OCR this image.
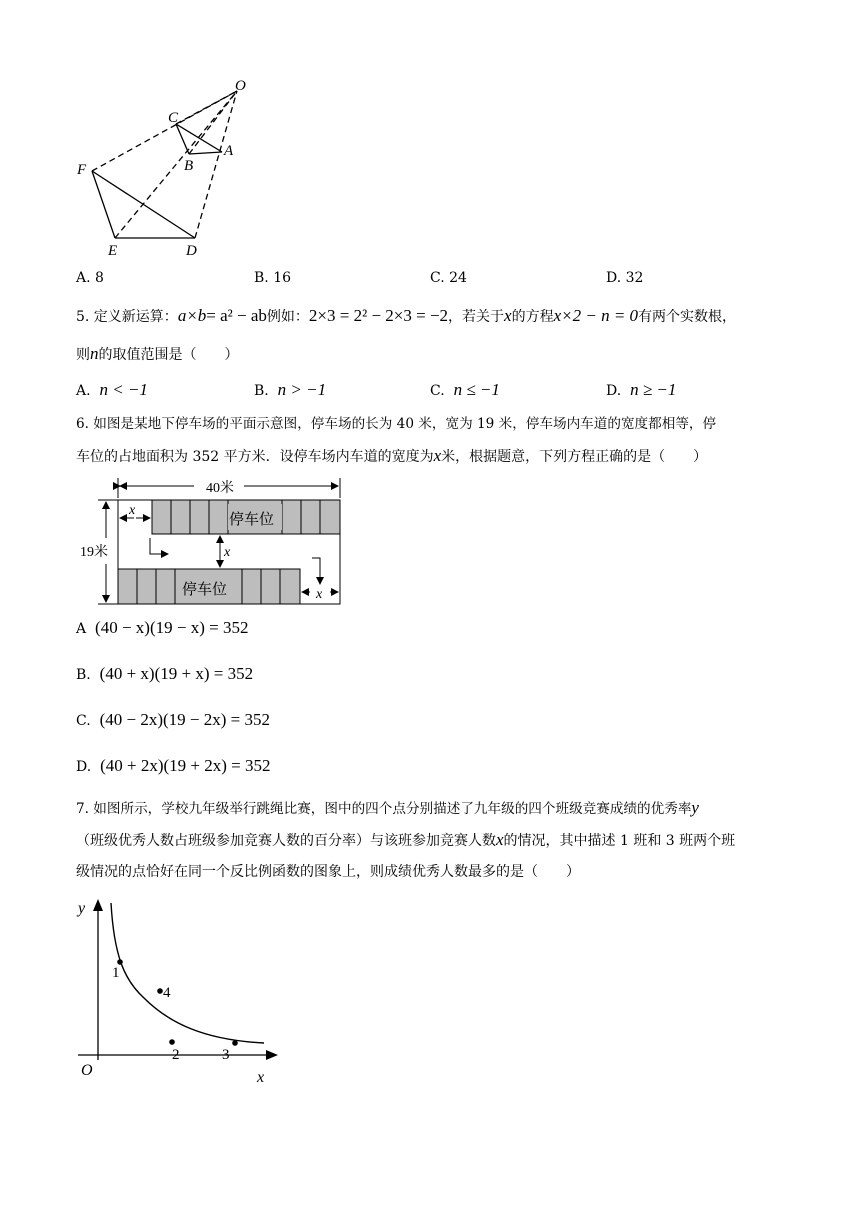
O
C
A
B
F
E	D
A. 8	B. 16	C. 24	D. 32
5. 定义新运算：a×b= a² − ab例如：2×3 = 2² − 2×3 = −2，若关于x的方程x×2 − n = 0有两个实数根，
则n的取值范围是（　　）
A. n < −1	B. n > −1	C. n ≤ −1	D. n ≥ −1
6. 如图是某地下停车场的平面示意图，停车场的长为 40 米，宽为 19 米，停车场内车道的宽度都相等，停
车位的占地面积为 352 平方米．设停车场内车道的宽度为x米，根据题意，下列方程正确的是（　　）
40米
19米
停车位
停车位
x
x
x
A (40 − x)(19 − x) = 352
B. (40 + x)(19 + x) = 352
C. (40 − 2x)(19 − 2x) = 352
D. (40 + 2x)(19 + 2x) = 352
7. 如图所示，学校九年级举行跳绳比赛，图中的四个点分别描述了九年级的四个班级竞赛成绩的优秀率y
（班级优秀人数占班级参加竞赛人数的百分率）与该班参加竞赛人数x的情况，其中描述 1 班和 3 班两个班
级情况的点恰好在同一个反比例函数的图象上，则成绩优秀人数最多的是（　　）
y
x
O
1
2	3
4
